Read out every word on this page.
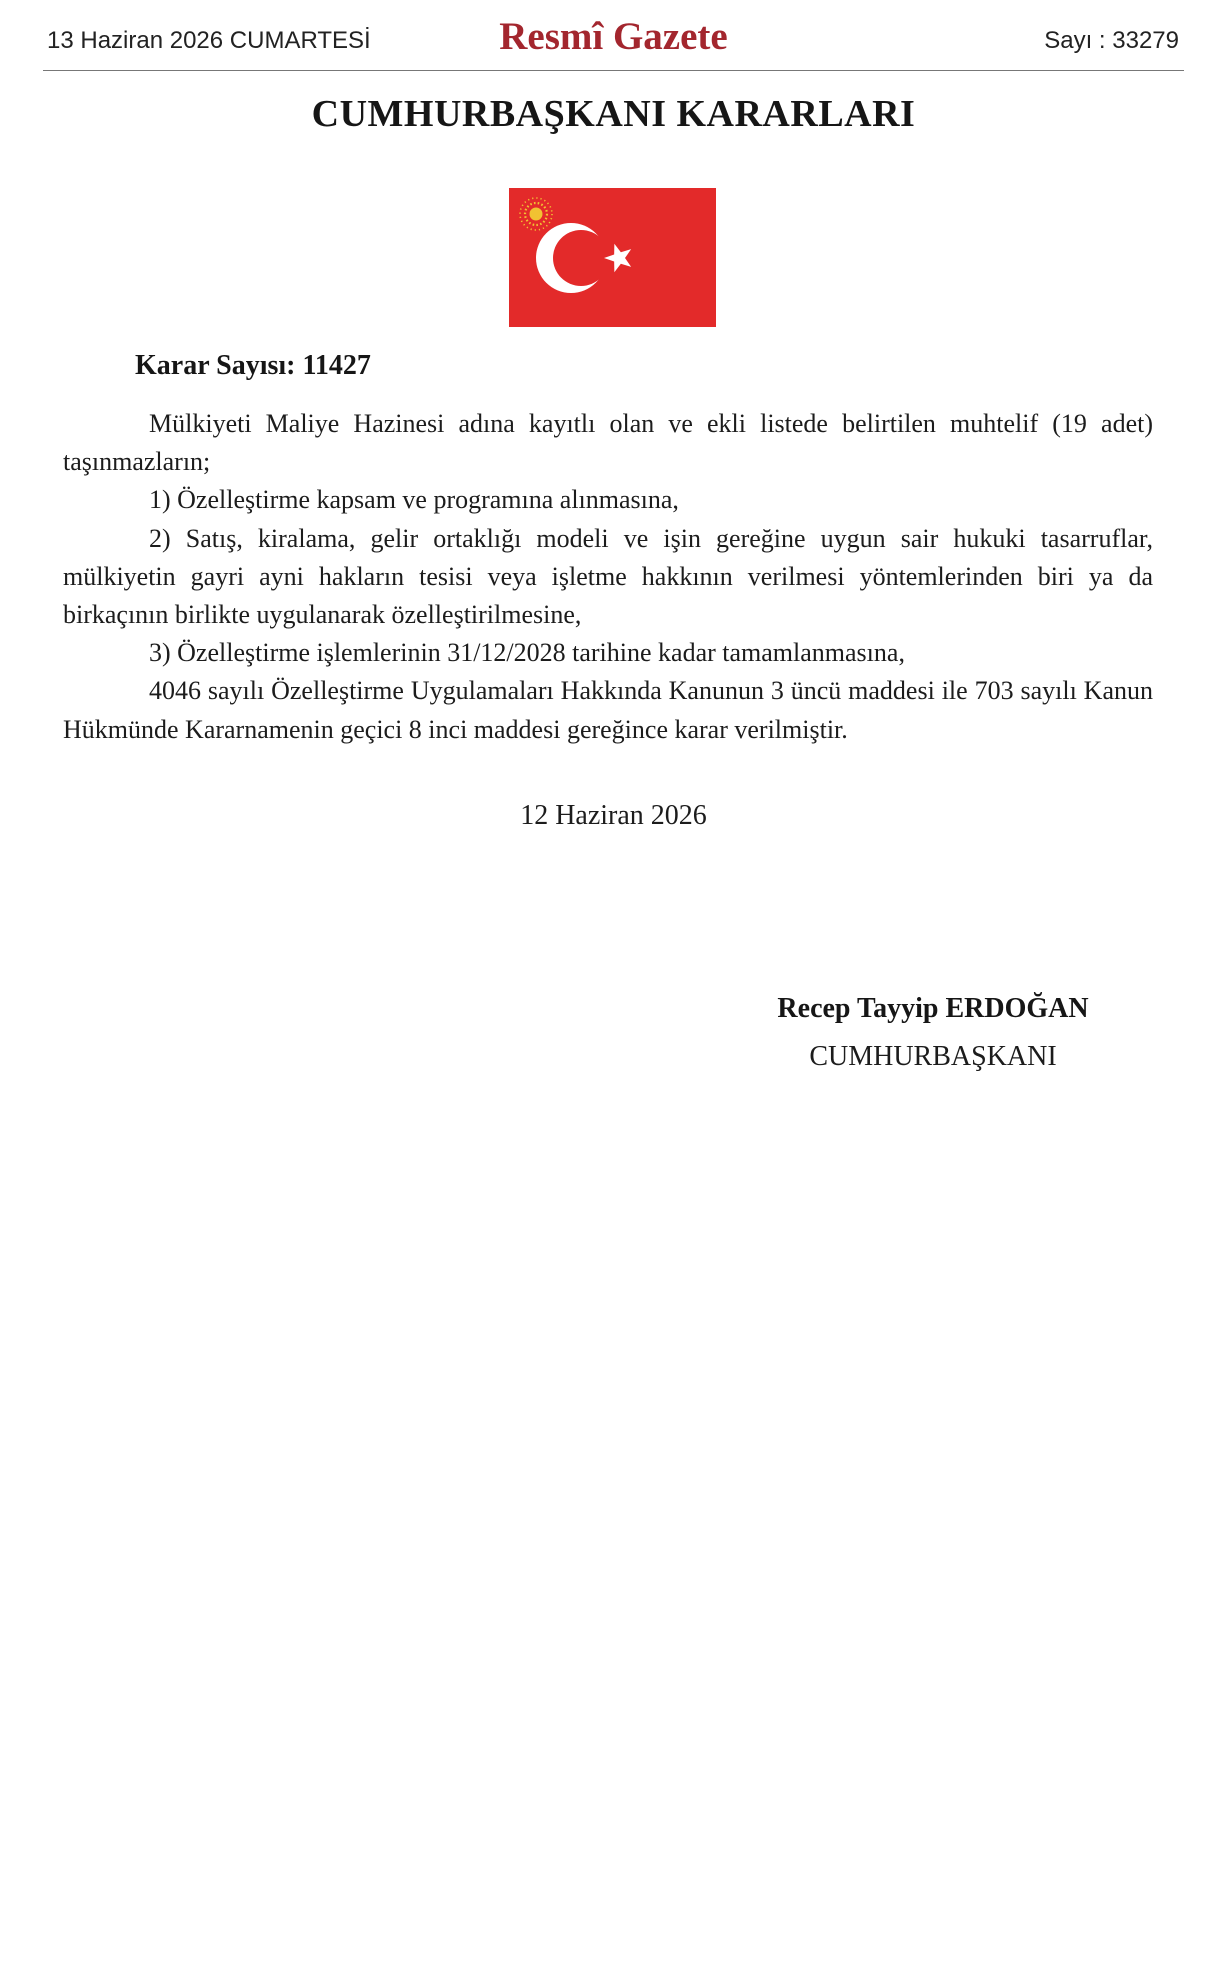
13 Haziran 2026 CUMARTESİ	Resmî Gazete	Sayı : 33279
CUMHURBAŞKANI KARARLARI
Karar Sayısı: 11427

Mülkiyeti Maliye Hazinesi adına kayıtlı olan ve ekli listede belirtilen muhtelif (19 adet) taşınmazların;

1) Özelleştirme kapsam ve programına alınmasına,

2) Satış, kiralama, gelir ortaklığı modeli ve işin gereğine uygun sair hukuki tasarruflar, mülkiyetin gayri ayni hakların tesisi veya işletme hakkının verilmesi yöntemlerinden biri ya da birkaçının birlikte uygulanarak özelleştirilmesine,

3) Özelleştirme işlemlerinin 31/12/2028 tarihine kadar tamamlanmasına,

4046 sayılı Özelleştirme Uygulamaları Hakkında Kanunun 3 üncü maddesi ile 703 sayılı Kanun Hükmünde Kararnamenin geçici 8 inci maddesi gereğince karar verilmiştir.

12 Haziran 2026
Recep Tayyip ERDOĞAN
CUMHURBAŞKANI
